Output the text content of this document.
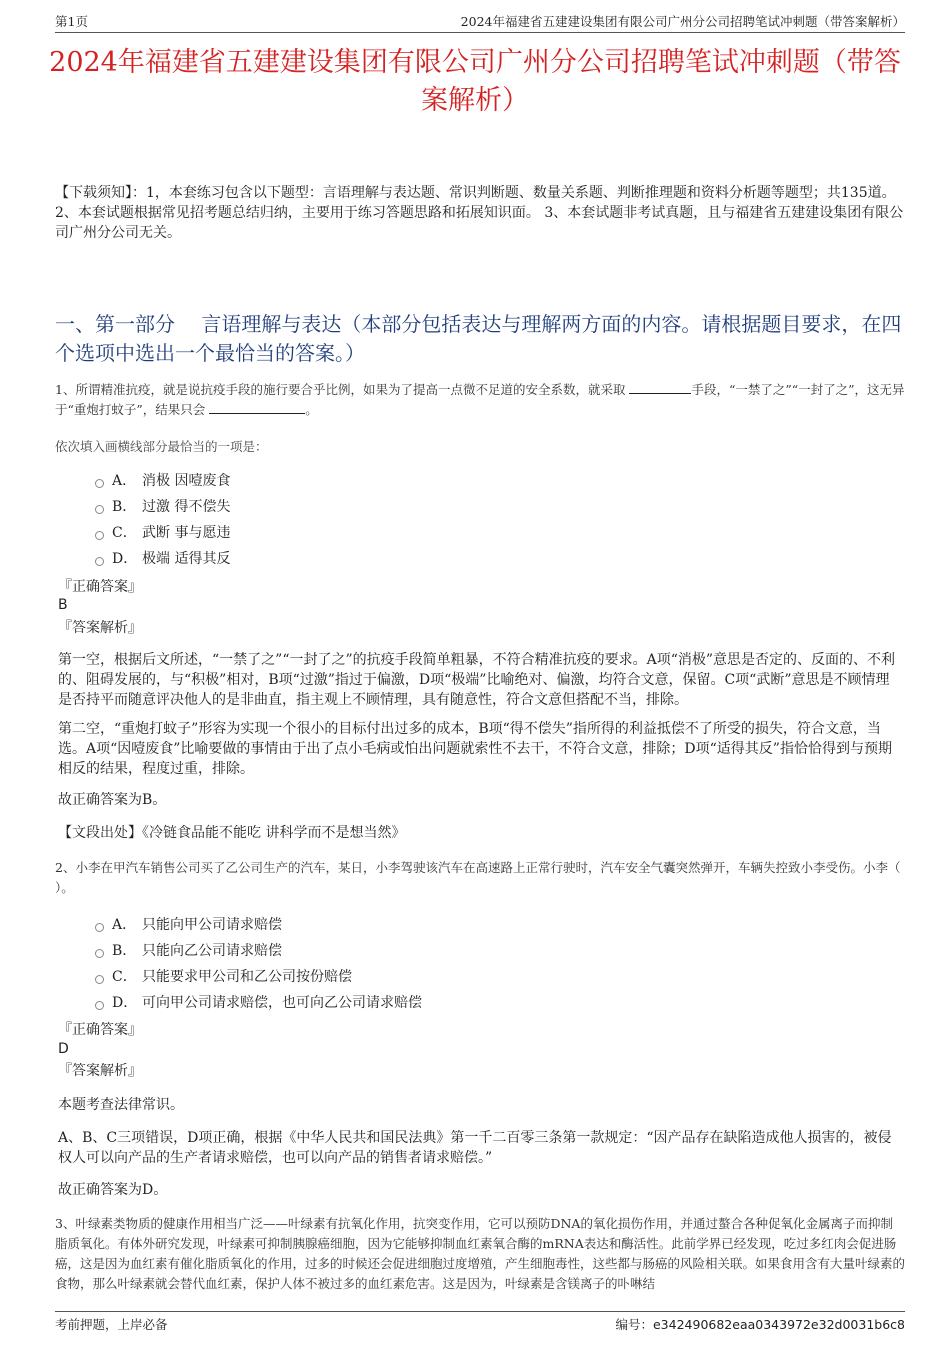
第1页	2024年福建省五建建设集团有限公司广州分公司招聘笔试冲刺题（带答案解析）
2024年福建省五建建设集团有限公司广州分公司招聘笔试冲刺题（带答案解析）
【下载须知】：1，本套练习包含以下题型：言语理解与表达题、常识判断题、数量关系题、判断推理题和资料分析题等题型；共135道。 2、本套试题根据常见招考题总结归纳，主要用于练习答题思路和拓展知识面。 3、本套试题非考试真题，且与福建省五建建设集团有限公司广州分公司无关。
一、第一部分　 言语理解与表达（本部分包括表达与理解两方面的内容。请根据题目要求，在四个选项中选出一个最恰当的答案。）
1、所谓精准抗疫，就是说抗疫手段的施行要合乎比例，如果为了提高一点微不足道的安全系数，就采取	手段，“一禁了之”“一封了之”，这无异于“重炮打蚊子”，结果只会	。
依次填入画横线部分最恰当的一项是：
A． 消极 因噎废食
B． 过激 得不偿失
C． 武断 事与愿违
D． 极端 适得其反
『正确答案』
B
『答案解析』
第一空，根据后文所述，“一禁了之”“一封了之”的抗疫手段简单粗暴，不符合精准抗疫的要求。A项“消极”意思是否定的、反面的、不利的、阻碍发展的，与“积极”相对，B项“过激”指过于偏激，D项“极端”比喻绝对、偏激，均符合文意，保留。C项“武断”意思是不顾情理是否持平而随意评决他人的是非曲直，指主观上不顾情理，具有随意性，符合文意但搭配不当，排除。
第二空，“重炮打蚊子”形容为实现一个很小的目标付出过多的成本，B项“得不偿失”指所得的利益抵偿不了所受的损失，符合文意，当选。A项“因噎废食”比喻要做的事情由于出了点小毛病或怕出问题就索性不去干，不符合文意，排除；D项“适得其反”指恰恰得到与预期相反的结果，程度过重，排除。
故正确答案为B。
【文段出处】《冷链食品能不能吃 讲科学而不是想当然》
2、小李在甲汽车销售公司买了乙公司生产的汽车，某日，小李驾驶该汽车在高速路上正常行驶时，汽车安全气囊突然弹开，车辆失控致小李受伤。小李（ ）。
A． 只能向甲公司请求赔偿
B． 只能向乙公司请求赔偿
C． 只能要求甲公司和乙公司按份赔偿
D． 可向甲公司请求赔偿，也可向乙公司请求赔偿
『正确答案』
D
『答案解析』
本题考查法律常识。
A、B、C三项错误，D项正确，根据《中华人民共和国民法典》第一千二百零三条第一款规定：“因产品存在缺陷造成他人损害的，被侵权人可以向产品的生产者请求赔偿，也可以向产品的销售者请求赔偿。”
故正确答案为D。
3、叶绿素类物质的健康作用相当广泛——叶绿素有抗氧化作用，抗突变作用，它可以预防DNA的氧化损伤作用，并通过螯合各种促氧化金属离子而抑制脂质氧化。有体外研究发现，叶绿素可抑制胰腺癌细胞，因为它能够抑制血红素氧合酶的mRNA表达和酶活性。此前学界已经发现，吃过多红肉会促进肠癌，这是因为血红素有催化脂质氧化的作用，过多的时候还会促进细胞过度增殖，产生细胞毒性，这些都与肠癌的风险相关联。如果食用含有大量叶绿素的食物，那么叶绿素就会替代血红素，保护人体不被过多的血红素危害。这是因为，叶绿素是含镁离子的卟啉结
考前押题，上岸必备	编号：e342490682eaa0343972e32d0031b6c8
